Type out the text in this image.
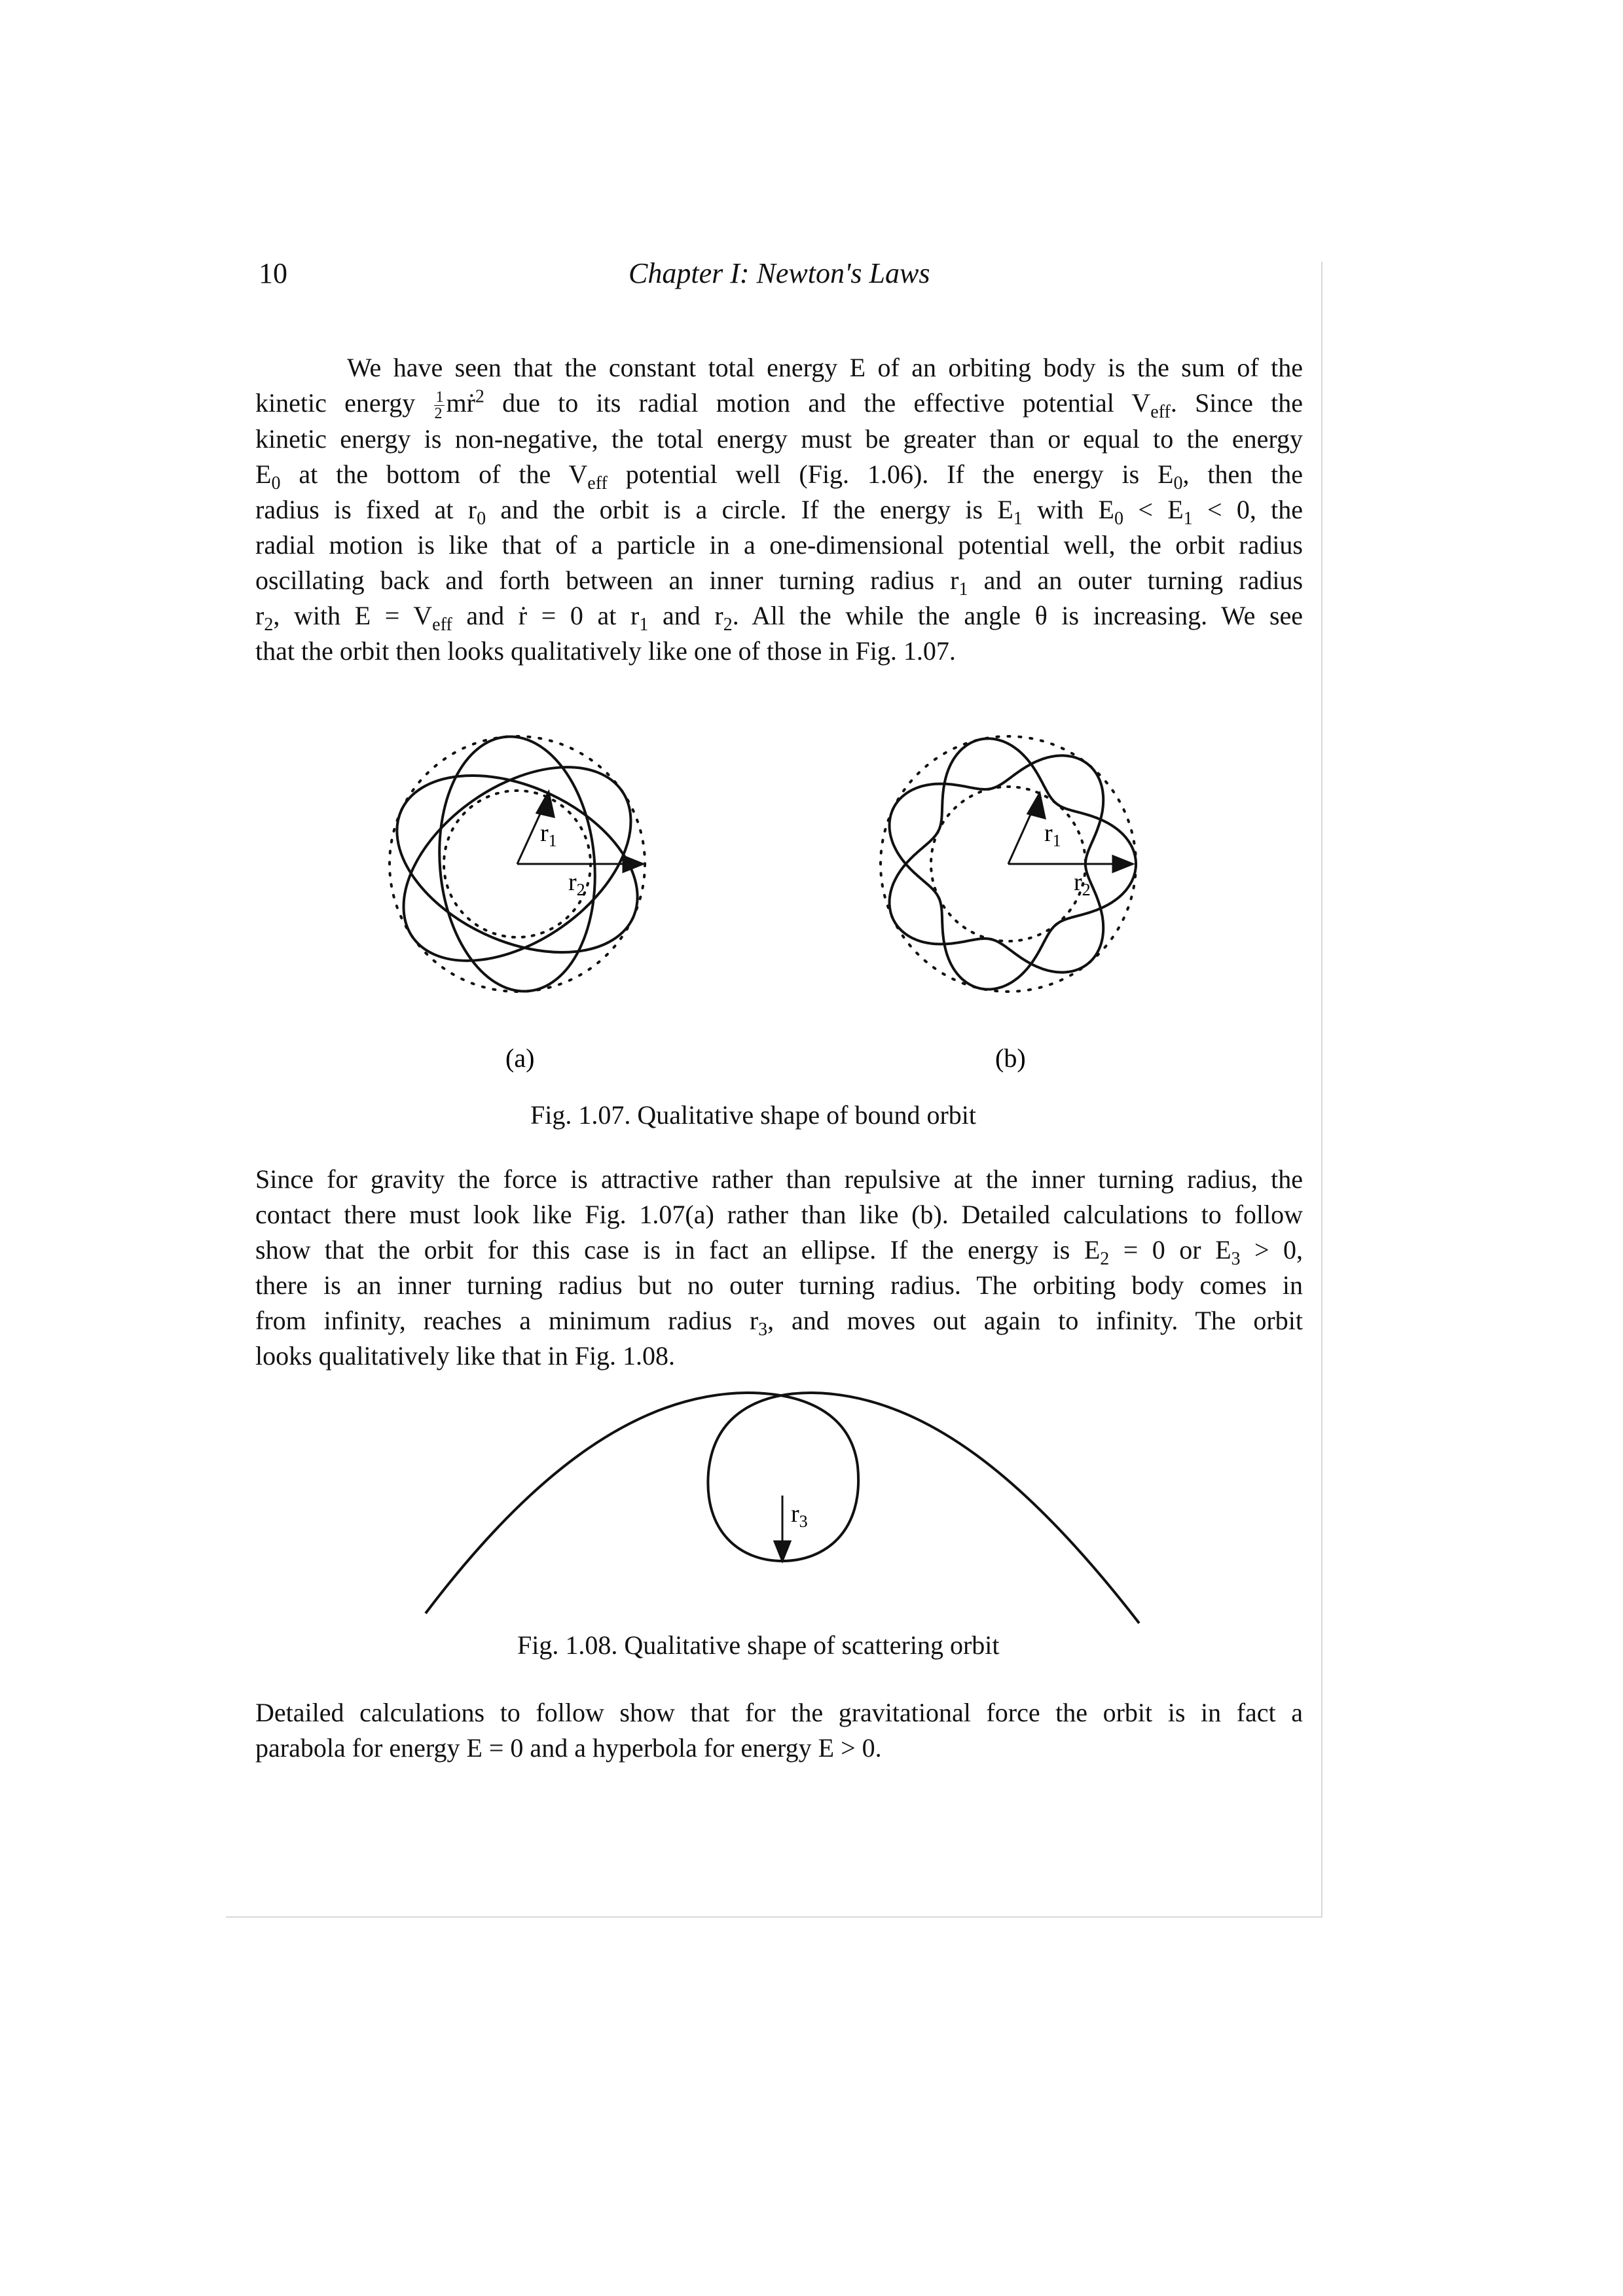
10	Chapter I: Newton's Laws
We have seen that the constant total energy E of an orbiting body is the sum of the
kinetic energy $\frac{1}{2}$ mṙ$^2$ due to its radial motion and the effective potential $V_{eff}$. Since the
kinetic energy is non-negative, the total energy must be greater than or equal to the energy
$E_0$ at the bottom of the $V_{eff}$ potential well (Fig. 1.06). If the energy is $E_0$, then the
radius is fixed at $r_0$ and the orbit is a circle. If the energy is $E_1$ with $E_0 < E_1 < 0$, the
radial motion is like that of a particle in a one-dimensional potential well, the orbit radius
oscillating back and forth between an inner turning radius $r_1$ and an outer turning radius
$r_2$, with $E = V_{eff}$ and ṙ = 0 at $r_1$ and $r_2$. All the while the angle θ is increasing. We see
that the orbit then looks qualitatively like one of those in Fig. 1.07.
$r_1$
$r_2$
$r_1$
$r_2$
(a)	(b)
Fig. 1.07. Qualitative shape of bound orbit
Since for gravity the force is attractive rather than repulsive at the inner turning radius, the
contact there must look like Fig. 1.07(a) rather than like (b). Detailed calculations to follow
show that the orbit for this case is in fact an ellipse. If the energy is $E_2 = 0$ or $E_3 > 0$,
there is an inner turning radius but no outer turning radius. The orbiting body comes in
from infinity, reaches a minimum radius $r_3$, and moves out again to infinity. The orbit
looks qualitatively like that in Fig. 1.08.
$r_3$
Fig. 1.08. Qualitative shape of scattering orbit
Detailed calculations to follow show that for the gravitational force the orbit is in fact a
parabola for energy E = 0 and a hyperbola for energy E > 0.
